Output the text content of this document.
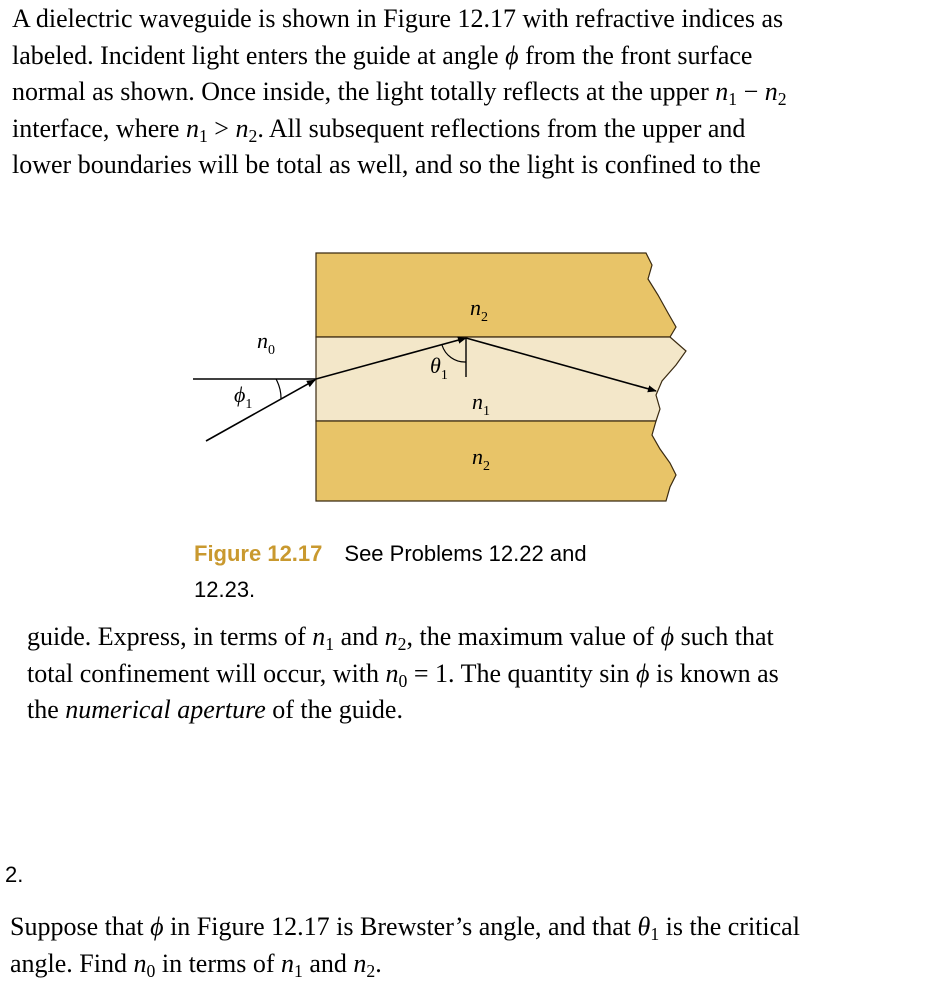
A dielectric waveguide is shown in Figure 12.17 with refractive indices as
labeled. Incident light enters the guide at angle ϕ from the front surface
normal as shown. Once inside, the light totally reflects at the upper $n_1 - n_2$
interface, where $n_1 > n_2$. All subsequent reflections from the upper and
lower boundaries will be total as well, and so the light is confined to the
$n_2$
$n_0$
$\theta_1$
$\phi_1$	$n_1$
$n_2$
Figure 12.17 See Problems 12.22 and
12.23.
guide. Express, in terms of $n_1$ and $n_2$, the maximum value of ϕ such that
total confinement will occur, with $n_0 = 1$. The quantity sin ϕ is known as
the numerical aperture of the guide.
2.
Suppose that ϕ in Figure 12.17 is Brewster’s angle, and that $\theta_1$ is the critical
angle. Find $n_0$ in terms of $n_1$ and $n_2$.
